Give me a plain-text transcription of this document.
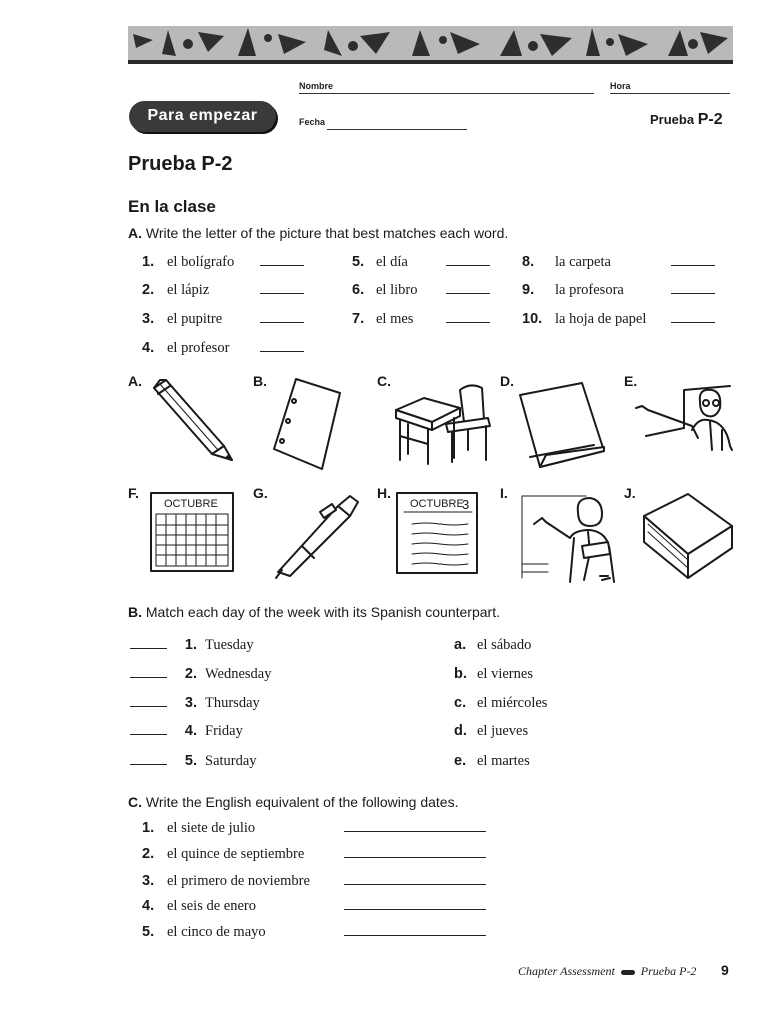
Nombre	Hora
Fecha
Para empezar	Prueba P-2
Prueba P-2
En la clase
A. Write the letter of the picture that best matches each word.
1. el bolígrafo
2. el lápiz
3. el pupitre
4. el profesor
5. el día
6. el libro
7. el mes
8. la carpeta
9. la profesora
10. la hoja de papel
A.	B.	C.	D.	E.
F.	G.	H.	I.	J.
OCTUBRE	OCTUBRE
3
B. Match each day of the week with its Spanish counterpart.
1. Tuesday
2. Wednesday
3. Thursday
4. Friday
5. Saturday
a. el sábado
b. el viernes
c. el miércoles
d. el jueves
e. el martes
C. Write the English equivalent of the following dates.
1. el siete de julio
2. el quince de septiembre
3. el primero de noviembre
4. el seis de enero
5. el cinco de mayo
Chapter Assessment Prueba P-2 9
